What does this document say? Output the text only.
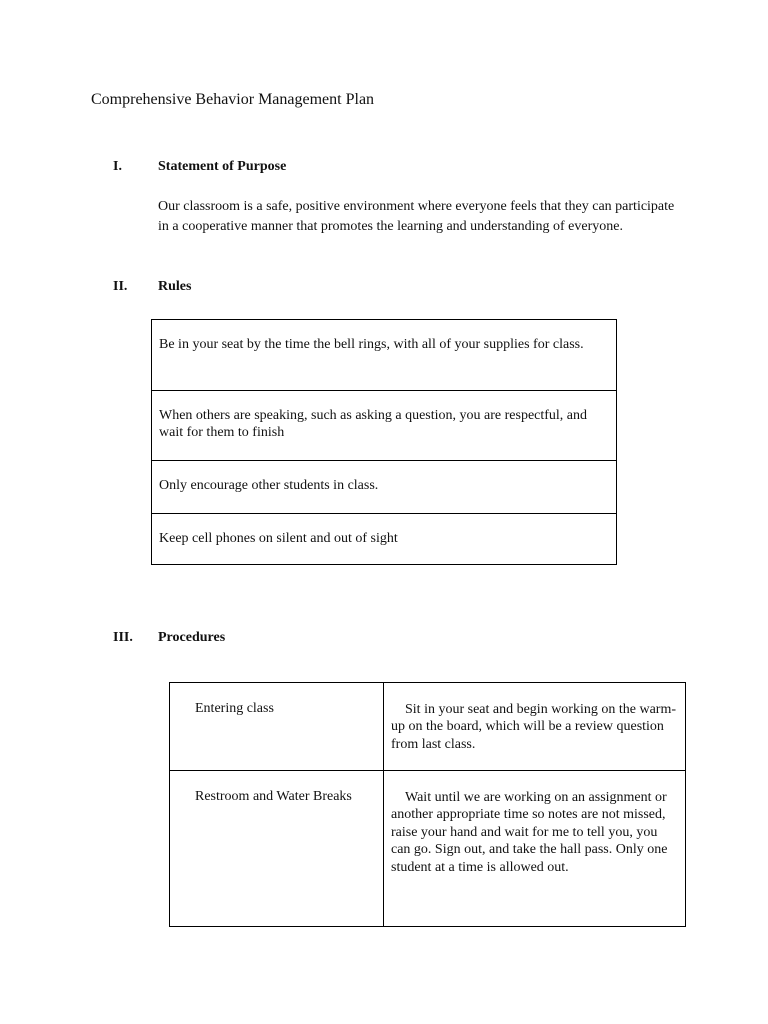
Comprehensive Behavior Management Plan
I.	Statement of Purpose
Our classroom is a safe, positive environment where everyone feels that they can participate in a cooperative manner that promotes the learning and understanding of everyone.
II. Rules
Be in your seat by the time the bell rings, with all of your supplies for class.
When others are speaking, such as asking a question, you are respectful, and wait for them to finish
Only encourage other students in class.
Keep cell phones on silent and out of sight
III. Procedures
Entering class	Sit in your seat and begin working on the warm-up on the board, which will be a review question from last class.
Restroom and Water Breaks	Wait until we are working on an assignment or another appropriate time so notes are not missed, raise your hand and wait for me to tell you, you can go. Sign out, and take the hall pass. Only one student at a time is allowed out.
